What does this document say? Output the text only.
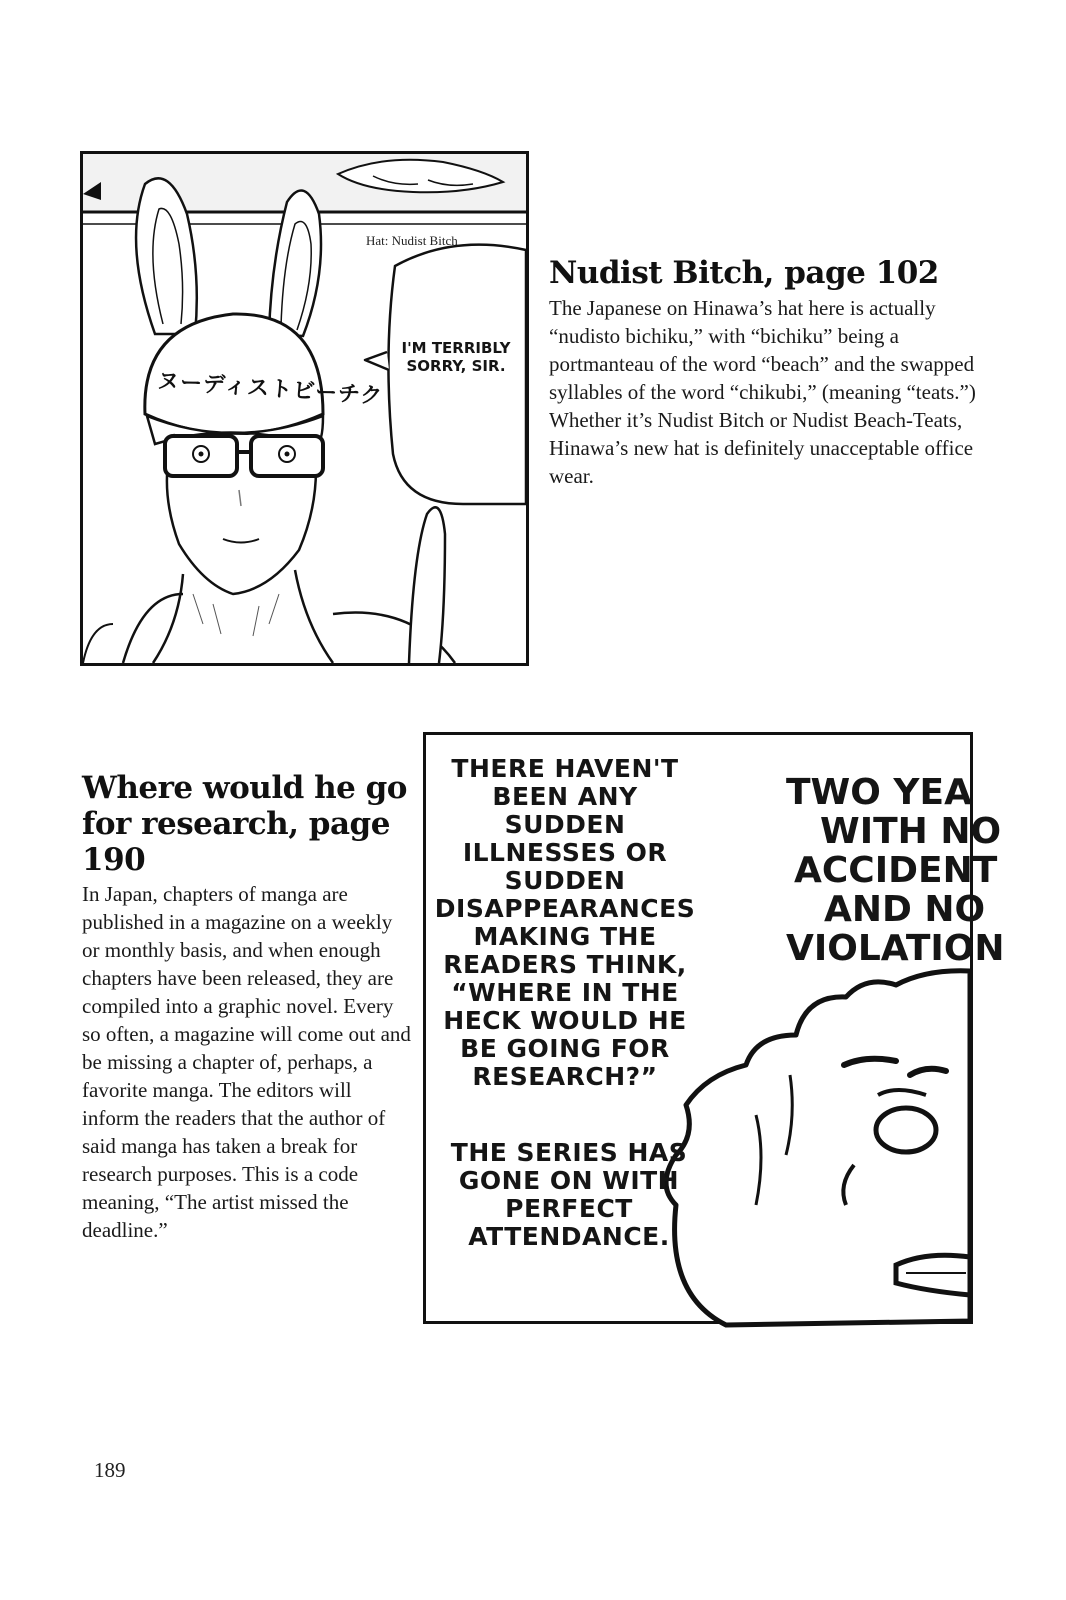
Hat: Nudist Bitch
ヌーディストビーチク
I'M TERRIBLY SORRY, SIR.
Nudist Bitch, page 102

The Japanese on Hinawa’s hat here is actually “nudisto bichiku,” with “bichiku” being a portmanteau of the word “beach” and the swapped syllables of the word “chikubi,” (meaning “teats.”) Whether it’s Nudist Bitch or Nudist Beach-Teats, Hinawa’s new hat is definitely unacceptable office wear.

Where would he go for research, page 190

In Japan, chapters of manga are published in a magazine on a weekly or monthly basis, and when enough chapters have been released, they are compiled into a graphic novel. Every so often, a magazine will come out and be missing a chapter of, perhaps, a favorite manga. The editors will inform the readers that the author of said manga has taken a break for research purposes. This is a code meaning, “The artist missed the deadline.”

THERE HAVEN'T BEEN ANY SUDDEN ILLNESSES OR SUDDEN DISAPPEARANCES MAKING THE READERS THINK, “WHERE IN THE HECK WOULD HE BE GOING FOR RESEARCH?”
THE SERIES HAS GONE ON WITH PERFECT ATTENDANCE.
TWO YEA
WITH NO
ACCIDENT
AND NO
VIOLATION
189
